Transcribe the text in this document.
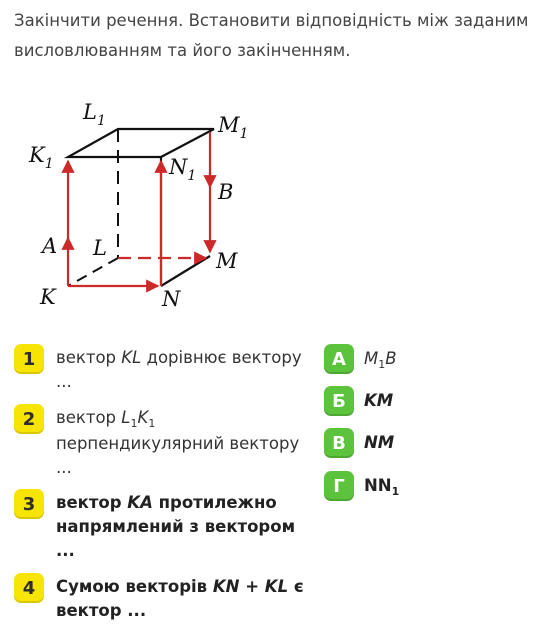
Закінчити речення. Встановити відповідність між заданим висловлюванням та його закінченням.
$L_1$	$M_1$
$K_1$	$N_1$
B
A L
M
K	N
1	вектор KL дорівнює вектору
...
2	вектор $L_1K_1$
перпендикулярний вектору
...
3	вектор KA протилежно
напрямлений з вектором
...
4	Сумою векторів KN + KL є
вектор ...
А	$M_1B$
Б	KM
В	NM
Г	$NN_1$
